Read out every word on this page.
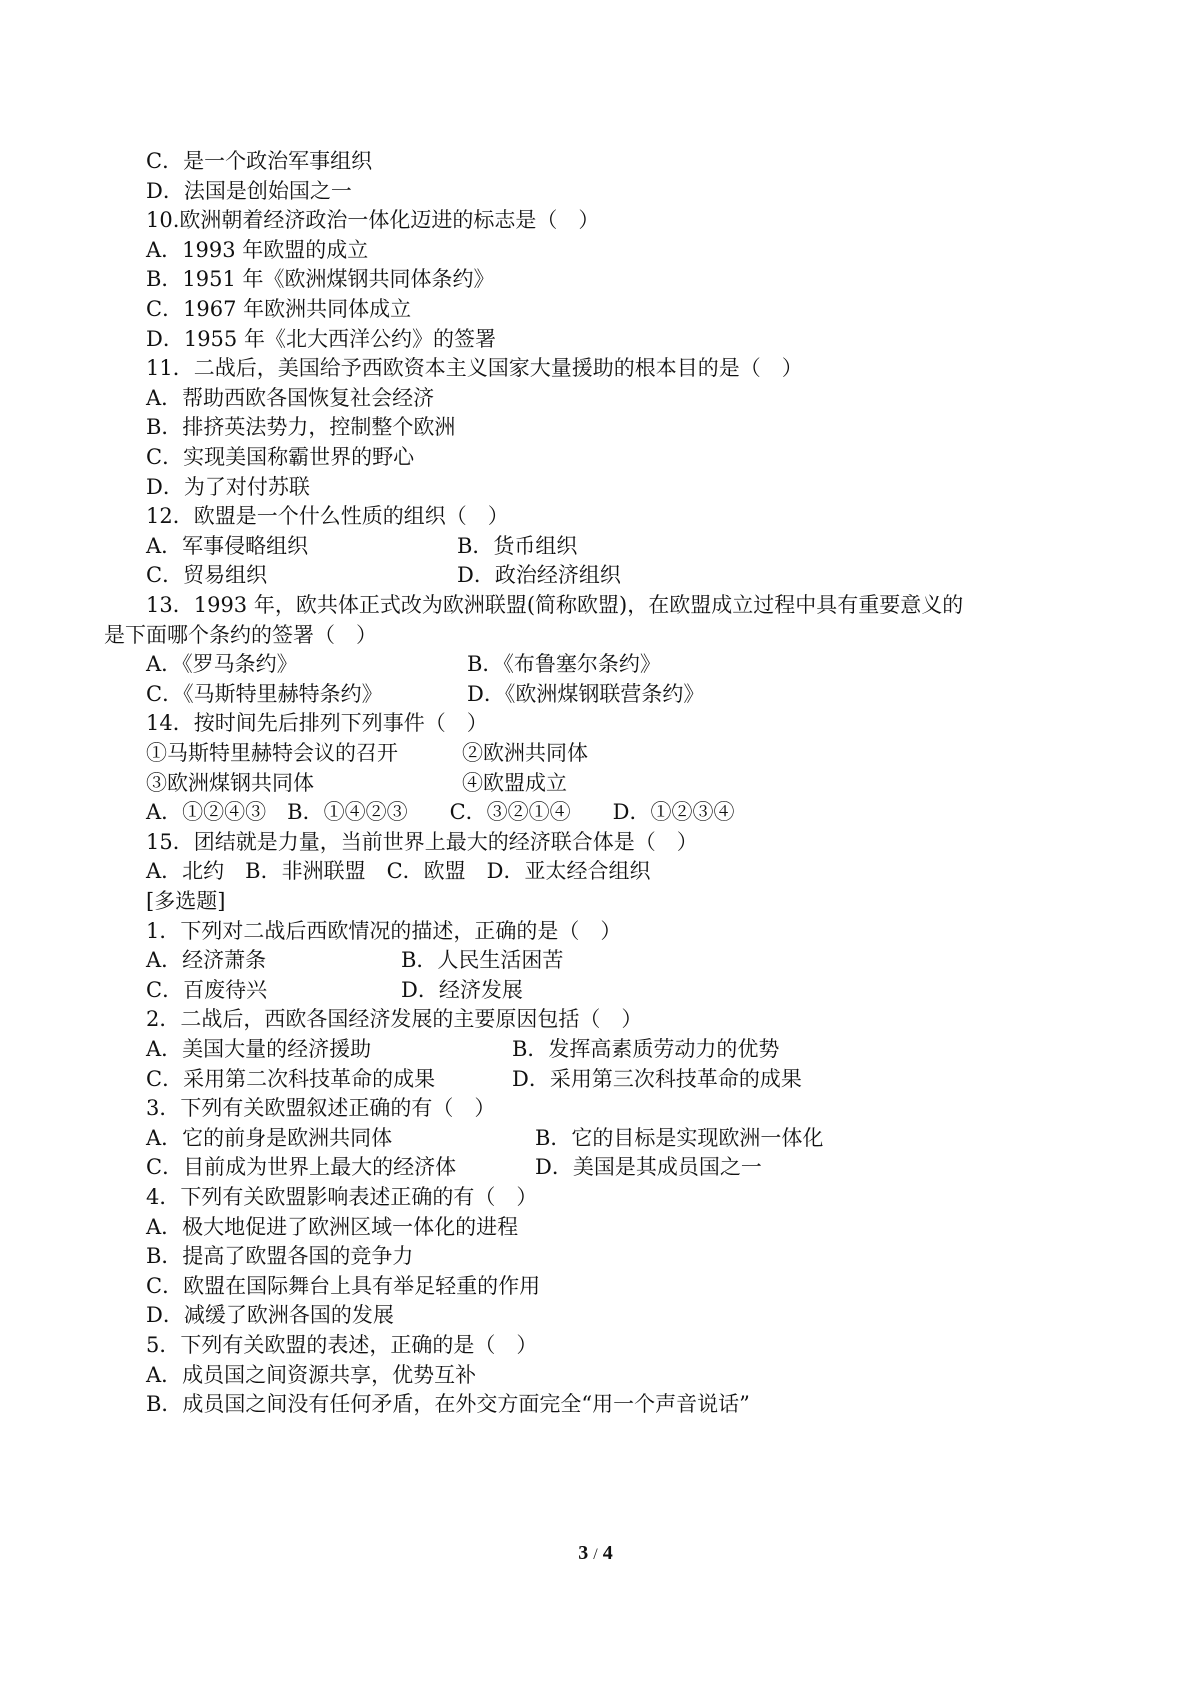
C．是一个政治军事组织
D．法国是创始国之一
10.欧洲朝着经济政治一体化迈进的标志是（　）
A．1993 年欧盟的成立
B．1951 年《欧洲煤钢共同体条约》
C．1967 年欧洲共同体成立
D．1955 年《北大西洋公约》的签署
11．二战后，美国给予西欧资本主义国家大量援助的根本目的是（　）
A．帮助西欧各国恢复社会经济
B．排挤英法势力，控制整个欧洲
C．实现美国称霸世界的野心
D．为了对付苏联
12．欧盟是一个什么性质的组织（　）
A．军事侵略组织	B．货币组织
C．贸易组织	D．政治经济组织
13．1993 年，欧共体正式改为欧洲联盟(简称欧盟)，在欧盟成立过程中具有重要意义的
是下面哪个条约的签署（　）
A．《罗马条约》	B．《布鲁塞尔条约》
C．《马斯特里赫特条约》	D．《欧洲煤钢联营条约》
14．按时间先后排列下列事件（　）
①马斯特里赫特会议的召开	②欧洲共同体
③欧洲煤钢共同体	④欧盟成立
A．①②④③　B．①④②③　　C．③②①④　　D．①②③④
15．团结就是力量，当前世界上最大的经济联合体是（　）
A．北约　B．非洲联盟　C．欧盟　D．亚太经合组织
[多选题]
1．下列对二战后西欧情况的描述，正确的是（　）
A．经济萧条	B．人民生活困苦
C．百废待兴	D．经济发展
2．二战后，西欧各国经济发展的主要原因包括（　）
A．美国大量的经济援助	B．发挥高素质劳动力的优势
C．采用第二次科技革命的成果	D．采用第三次科技革命的成果
3．下列有关欧盟叙述正确的有（　）
A．它的前身是欧洲共同体	B．它的目标是实现欧洲一体化
C．目前成为世界上最大的经济体	D．美国是其成员国之一
4．下列有关欧盟影响表述正确的有（　）
A．极大地促进了欧洲区域一体化的进程
B．提高了欧盟各国的竞争力
C．欧盟在国际舞台上具有举足轻重的作用
D．减缓了欧洲各国的发展
5．下列有关欧盟的表述，正确的是（　）
A．成员国之间资源共享，优势互补
B．成员国之间没有任何矛盾，在外交方面完全“用一个声音说话”
3 / 4
